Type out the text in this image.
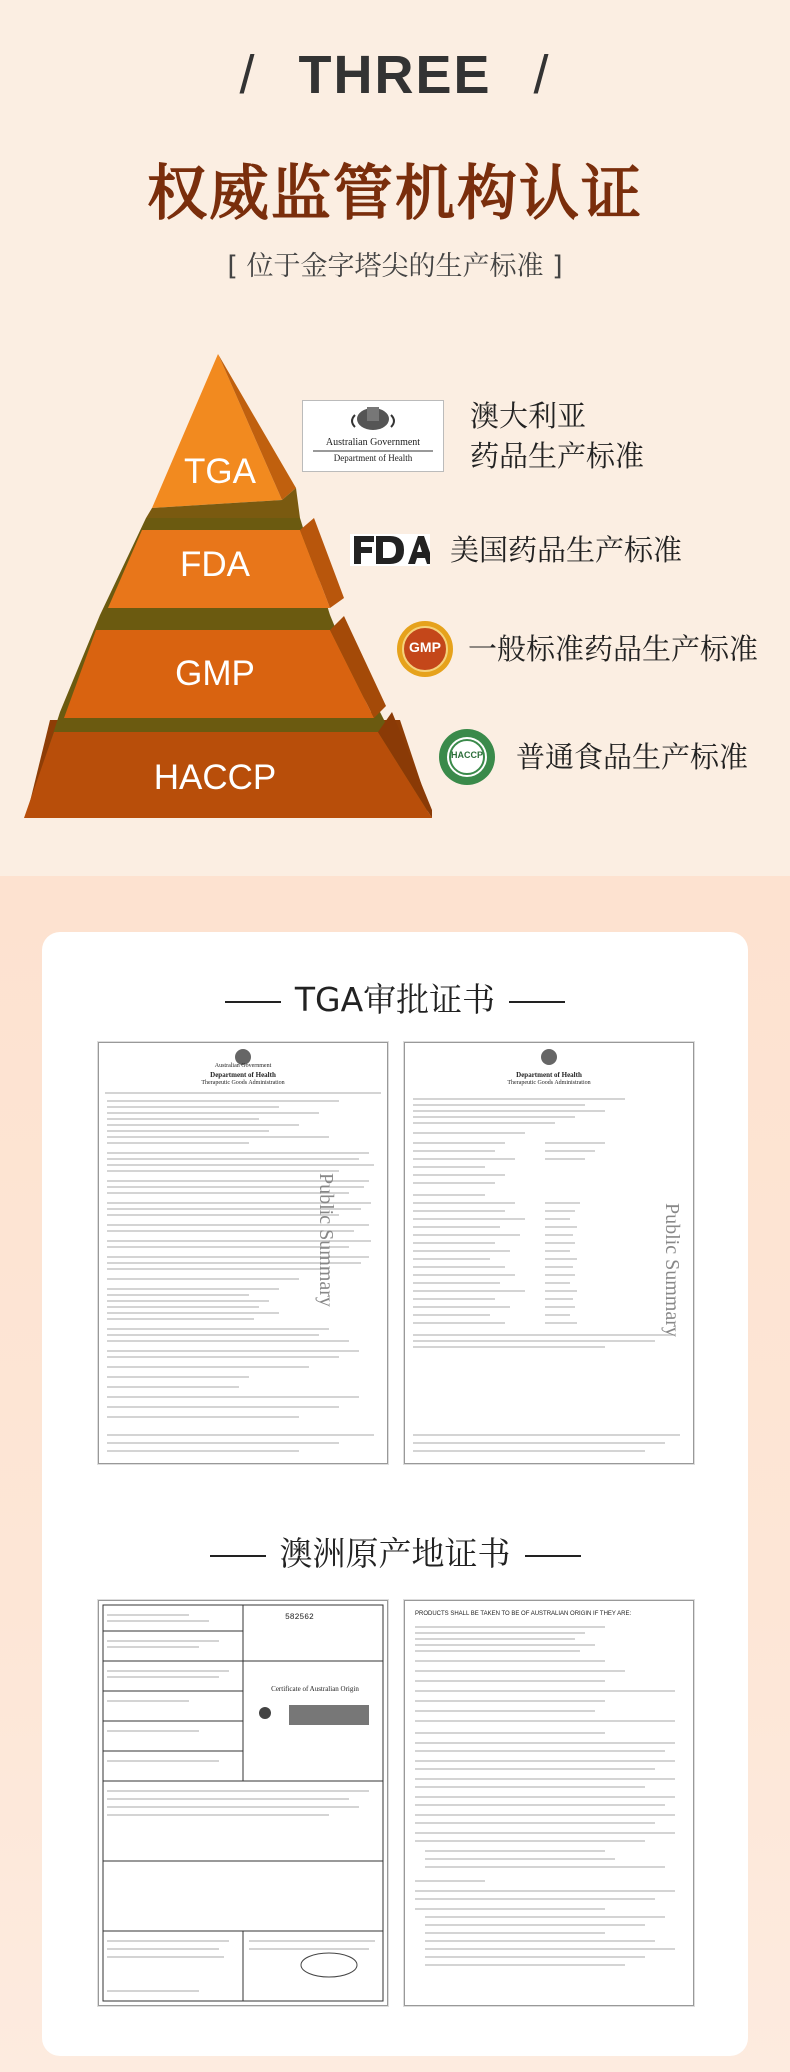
/ THREE /
权威监管机构认证
[ 位于金字塔尖的生产标准 ]
TGA
FDA
GMP
HACCP
Australian Government
Department of Health
澳大利亚
药品生产标准
美国药品生产标准
GMP 一般标准药品生产标准
HACCP	普通食品生产标准
TGA审批证书
Australian Government
Department of Health
Therapeutic Goods Administration
Public Summary
Department of Health
Therapeutic Goods Administration
Public Summary
澳洲原产地证书
582562
Certificate of Australian Origin
PRODUCTS SHALL BE TAKEN TO BE OF AUSTRALIAN ORIGIN IF THEY ARE:
